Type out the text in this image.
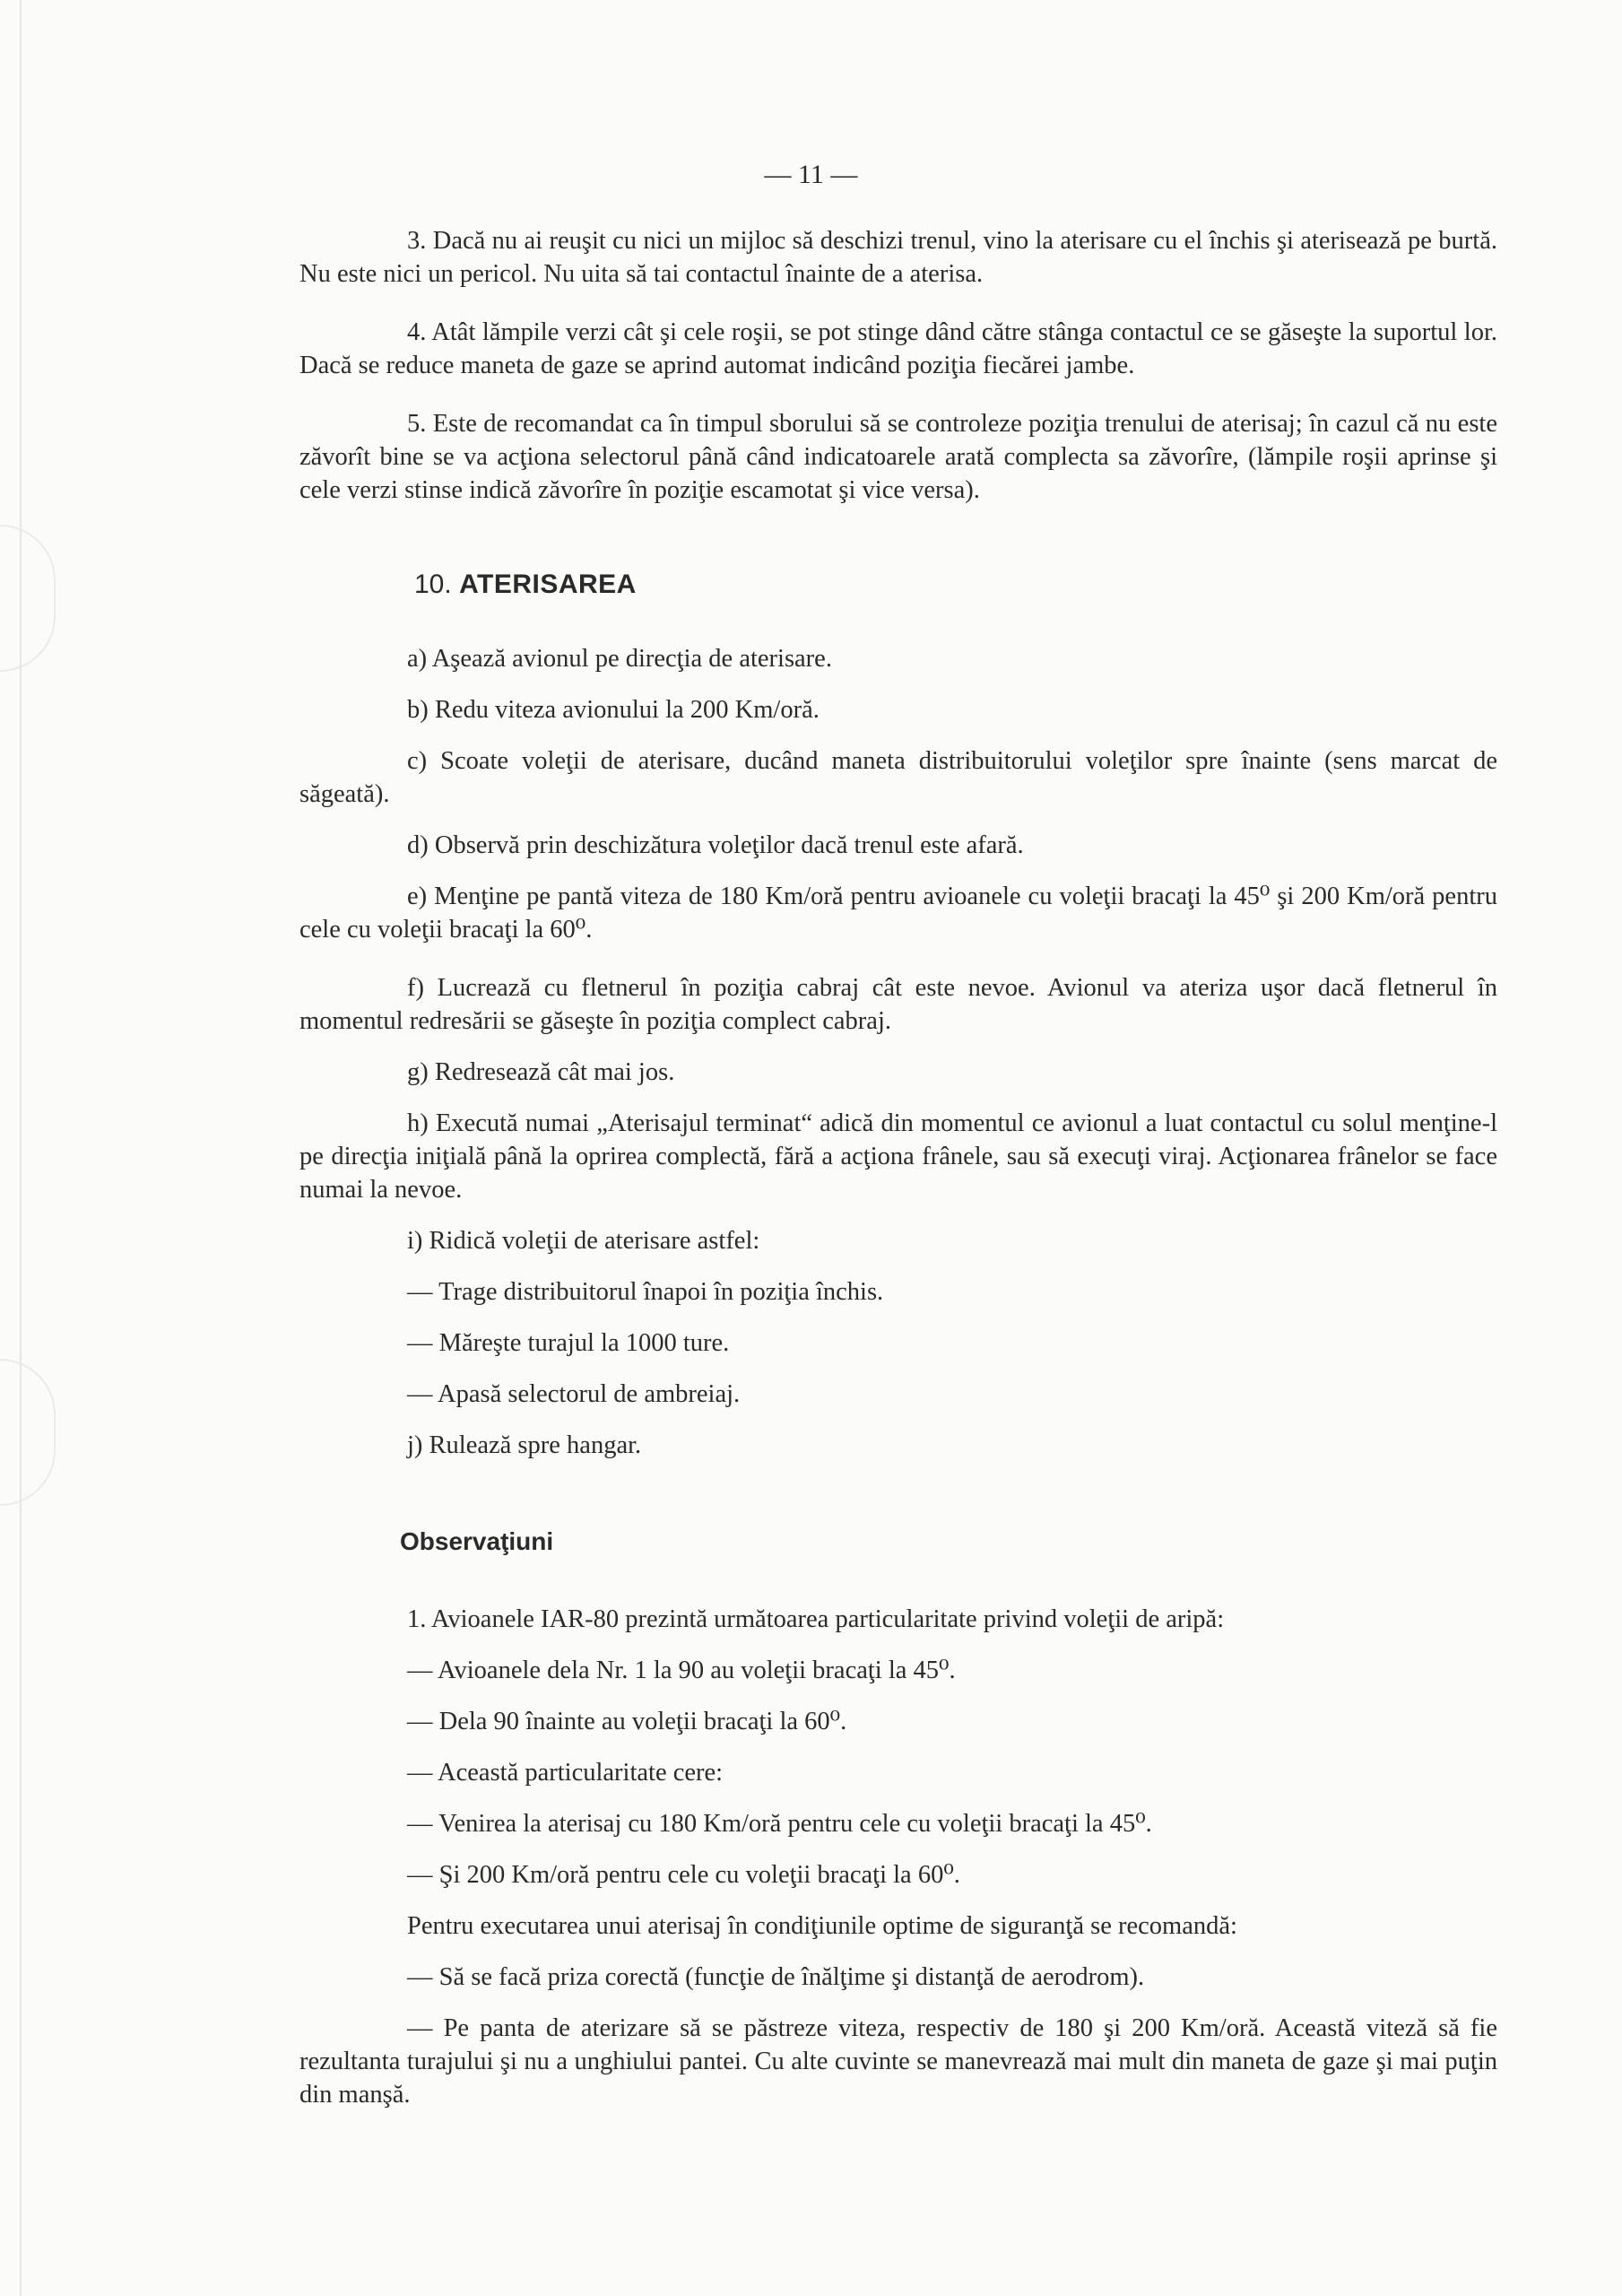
— 11 —

3. Dacă nu ai reuşit cu nici un mijloc să deschizi trenul, vino la aterisare cu el închis şi aterisează pe burtă. Nu este nici un pericol. Nu uita să tai contactul înainte de a aterisa.

4. Atât lămpile verzi cât şi cele roşii, se pot stinge dând către stânga contactul ce se găseşte la suportul lor. Dacă se reduce maneta de gaze se aprind automat indicând poziţia fiecărei jambe.

5. Este de recomandat ca în timpul sborului să se controleze poziţia trenului de aterisaj; în cazul că nu este zăvorît bine se va acţiona selectorul până când indicatoarele arată complecta sa zăvorîre, (lămpile roşii aprinse şi cele verzi stinse indică zăvorîre în poziţie escamotat şi vice versa).

10. ATERISAREA

a) Aşează avionul pe direcţia de aterisare.

b) Redu viteza avionului la 200 Km/oră.

c) Scoate voleţii de aterisare, ducând maneta distribuitorului voleţilor spre înainte (sens marcat de săgeată).

d) Observă prin deschizătura voleţilor dacă trenul este afară.

e) Menţine pe pantă viteza de 180 Km/oră pentru avioanele cu voleţii bracaţi la 45⁰ şi 200 Km/oră pentru cele cu voleţii bracaţi la 60⁰.

f) Lucrează cu fletnerul în poziţia cabraj cât este nevoe. Avionul va ateriza uşor dacă fletnerul în momentul redresării se găseşte în poziţia complect cabraj.

g) Redresează cât mai jos.

h) Execută numai „Aterisajul terminat“ adică din momentul ce avionul a luat contactul cu solul menţine-l pe direcţia iniţială până la oprirea complectă, fără a acţiona frânele, sau să execuţi viraj. Acţionarea frânelor se face numai la nevoe.

i) Ridică voleţii de aterisare astfel:

— Trage distribuitorul înapoi în poziţia închis.

— Măreşte turajul la 1000 ture.

— Apasă selectorul de ambreiaj.

j) Rulează spre hangar.

Observaţiuni

1. Avioanele IAR-80 prezintă următoarea particularitate privind voleţii de aripă:

— Avioanele dela Nr. 1 la 90 au voleţii bracaţi la 45⁰.

— Dela 90 înainte au voleţii bracaţi la 60⁰.

— Această particularitate cere:

— Venirea la aterisaj cu 180 Km/oră pentru cele cu voleţii bracaţi la 45⁰.

— Şi 200 Km/oră pentru cele cu voleţii bracaţi la 60⁰.

Pentru executarea unui aterisaj în condiţiunile optime de siguranţă se recomandă:

— Să se facă priza corectă (funcţie de înălţime şi distanţă de aerodrom).

— Pe panta de aterizare să se păstreze viteza, respectiv de 180 şi 200 Km/oră. Această viteză să fie rezultanta turajului şi nu a unghiului pantei. Cu alte cuvinte se manevrează mai mult din maneta de gaze şi mai puţin din manşă.
